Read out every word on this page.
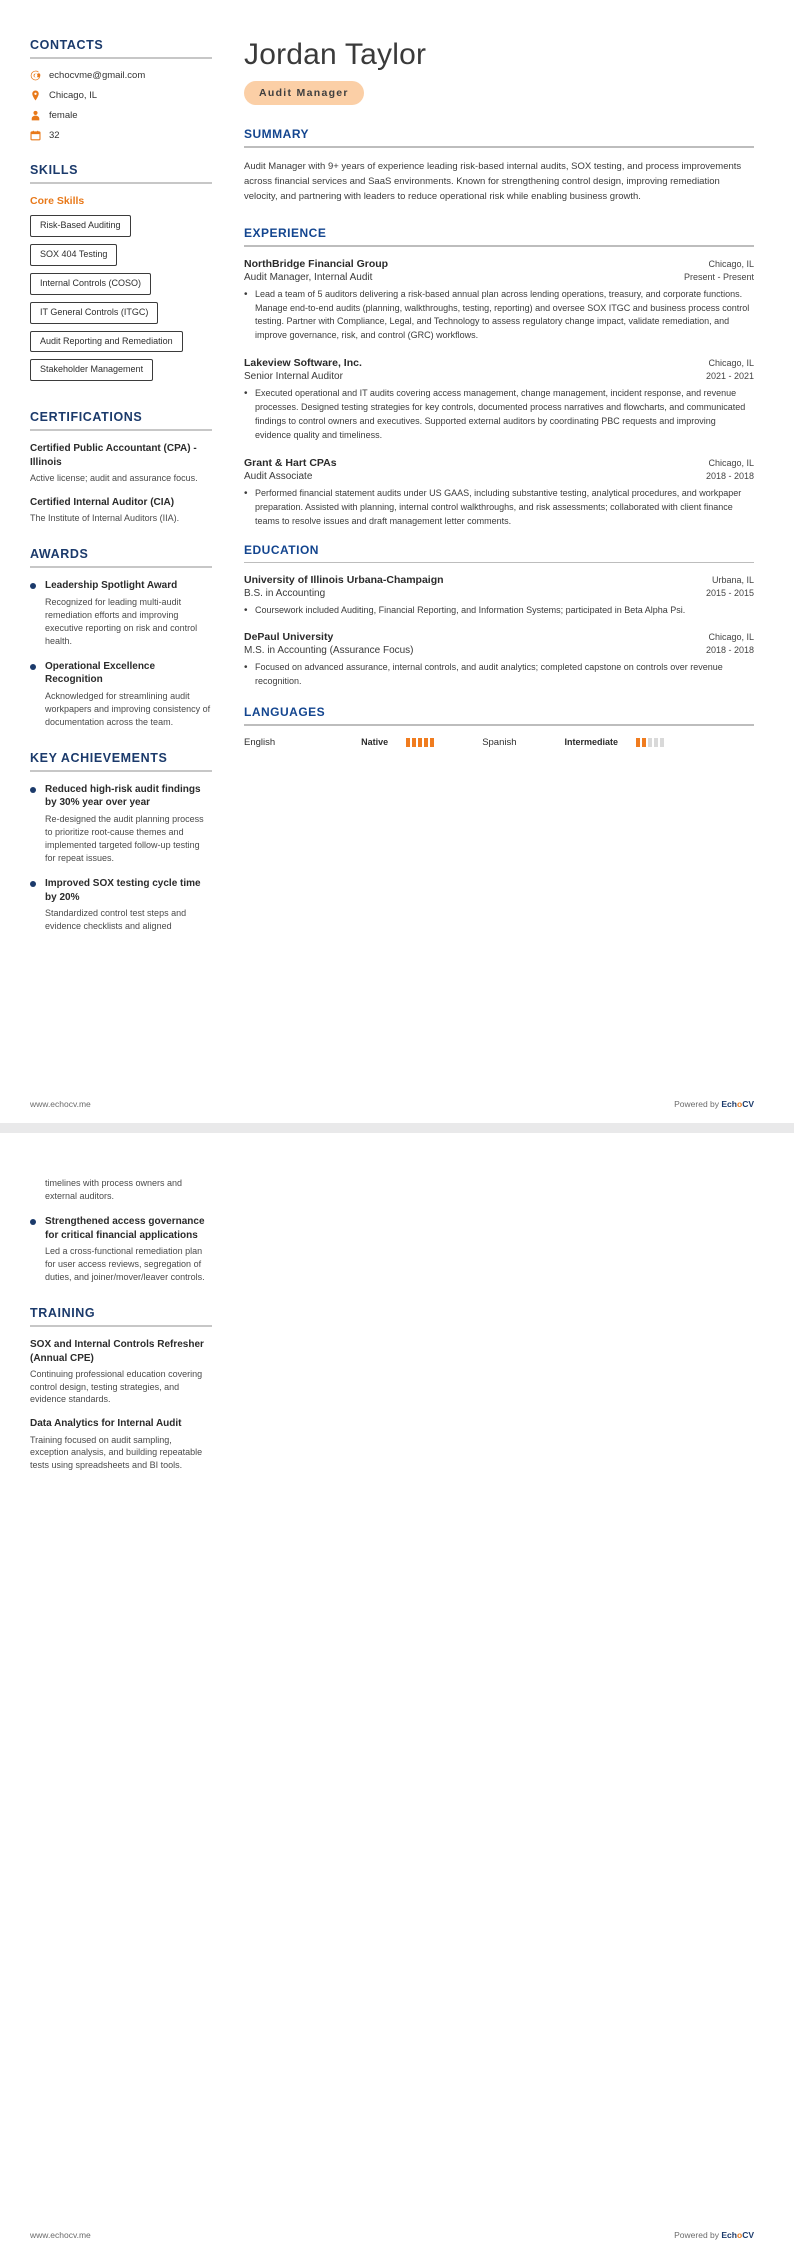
CONTACTS
echocvme@gmail.com
Chicago, IL
female
32
SKILLS
Core Skills
Risk-Based Auditing SOX 404 Testing Internal Controls (COSO) IT General Controls (ITGC) Audit Reporting and Remediation Stakeholder Management
CERTIFICATIONS
Certified Public Accountant (CPA) - Illinois
Active license; audit and assurance focus.
Certified Internal Auditor (CIA)
The Institute of Internal Auditors (IIA).
AWARDS
Leadership Spotlight Award
Recognized for leading multi-audit remediation efforts and improving executive reporting on risk and control health.
Operational Excellence Recognition
Acknowledged for streamlining audit workpapers and improving consistency of documentation across the team.
KEY ACHIEVEMENTS
Reduced high-risk audit findings by 30% year over year
Re-designed the audit planning process to prioritize root-cause themes and implemented targeted follow-up testing for repeat issues.
Improved SOX testing cycle time by 20%
Standardized control test steps and evidence checklists and aligned
Jordan Taylor
Audit Manager
SUMMARY
Audit Manager with 9+ years of experience leading risk-based internal audits, SOX testing, and process improvements across financial services and SaaS environments. Known for strengthening control design, improving remediation velocity, and partnering with leaders to reduce operational risk while enabling business growth.
EXPERIENCE
NorthBridge Financial Group	Chicago, IL
Audit Manager, Internal Audit	Present - Present
• Lead a team of 5 auditors delivering a risk-based annual plan across lending operations, treasury, and corporate functions. Manage end-to-end audits (planning, walkthroughs, testing, reporting) and oversee SOX ITGC and business process control testing. Partner with Compliance, Legal, and Technology to assess regulatory change impact, validate remediation, and improve governance, risk, and control (GRC) workflows.
Lakeview Software, Inc.	Chicago, IL
Senior Internal Auditor	2021 - 2021
• Executed operational and IT audits covering access management, change management, incident response, and revenue processes. Designed testing strategies for key controls, documented process narratives and flowcharts, and communicated findings to control owners and executives. Supported external auditors by coordinating PBC requests and improving evidence quality and timeliness.
Grant & Hart CPAs	Chicago, IL
Audit Associate	2018 - 2018
• Performed financial statement audits under US GAAS, including substantive testing, analytical procedures, and workpaper preparation. Assisted with planning, internal control walkthroughs, and risk assessments; collaborated with client finance teams to resolve issues and draft management letter comments.
EDUCATION
University of Illinois Urbana-Champaign	Urbana, IL
B.S. in Accounting	2015 - 2015
• Coursework included Auditing, Financial Reporting, and Information Systems; participated in Beta Alpha Psi.
DePaul University	Chicago, IL
M.S. in Accounting (Assurance Focus)	2018 - 2018
• Focused on advanced assurance, internal controls, and audit analytics; completed capstone on controls over revenue recognition.
LANGUAGES
English	Native	Spanish	Intermediate
www.echocv.me	Powered by EchoCV
timelines with process owners and external auditors.
Strengthened access governance for critical financial applications
Led a cross-functional remediation plan for user access reviews, segregation of duties, and joiner/mover/leaver controls.
TRAINING
SOX and Internal Controls Refresher (Annual CPE)
Continuing professional education covering control design, testing strategies, and evidence standards.
Data Analytics for Internal Audit
Training focused on audit sampling, exception analysis, and building repeatable tests using spreadsheets and BI tools.
www.echocv.me	Powered by EchoCV
